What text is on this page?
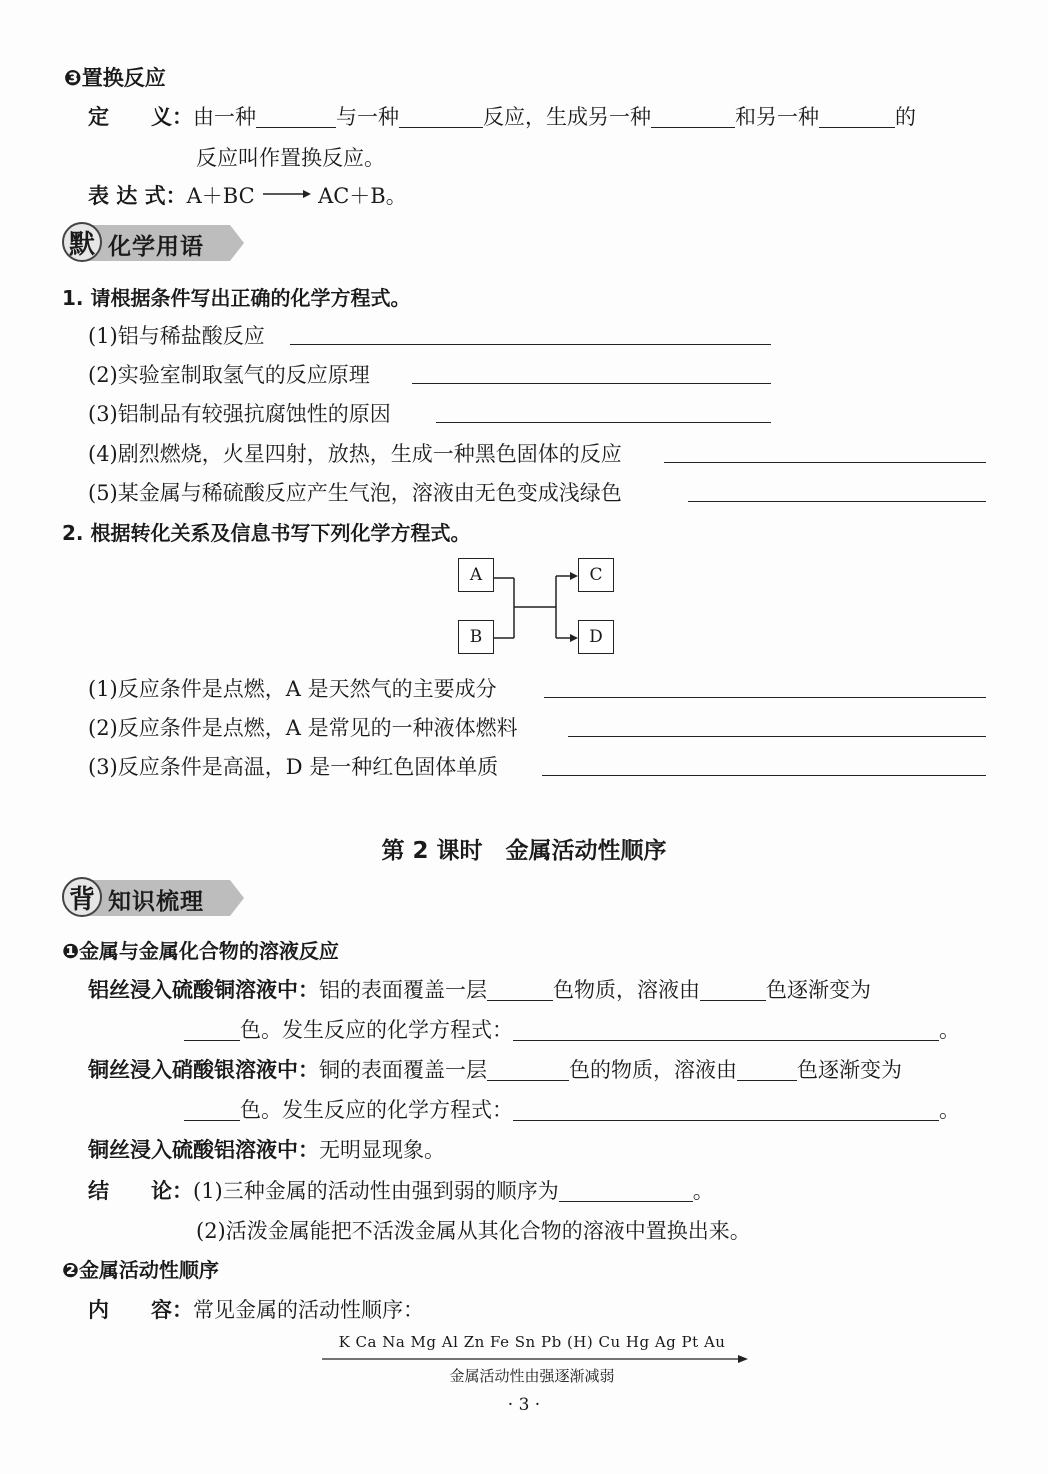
❸置换反应
定　　义：由一种	与一种	反应，生成另一种	和另一种	的
反应叫作置换反应。
表 达 式：A＋BC → AC＋B。
默 化学用语
1. 请根据条件写出正确的化学方程式。
(1)铝与稀盐酸反应
(2)实验室制取氢气的反应原理
(3)铝制品有较强抗腐蚀性的原因
(4)剧烈燃烧，火星四射，放热，生成一种黑色固体的反应
(5)某金属与稀硫酸反应产生气泡，溶液由无色变成浅绿色
2. 根据转化关系及信息书写下列化学方程式。
A
B
C
D
(1)反应条件是点燃，A 是天然气的主要成分
(2)反应条件是点燃，A 是常见的一种液体燃料
(3)反应条件是高温，D 是一种红色固体单质
第 2 课时　金属活动性顺序
背 知识梳理
❶金属与金属化合物的溶液反应
铝丝浸入硫酸铜溶液中：铝的表面覆盖一层	色物质，溶液由	色逐渐变为
色。发生反应的化学方程式：	。
铜丝浸入硝酸银溶液中：铜的表面覆盖一层	色的物质，溶液由	色逐渐变为
色。发生反应的化学方程式：	。
铜丝浸入硫酸铝溶液中：无明显现象。
结　　论：(1)三种金属的活动性由强到弱的顺序为	。
(2)活泼金属能把不活泼金属从其化合物的溶液中置换出来。
❷金属活动性顺序
内　　容：常见金属的活动性顺序：
K Ca Na Mg Al Zn Fe Sn Pb (H) Cu Hg Ag Pt Au
金属活动性由强逐渐减弱
· 3 ·
